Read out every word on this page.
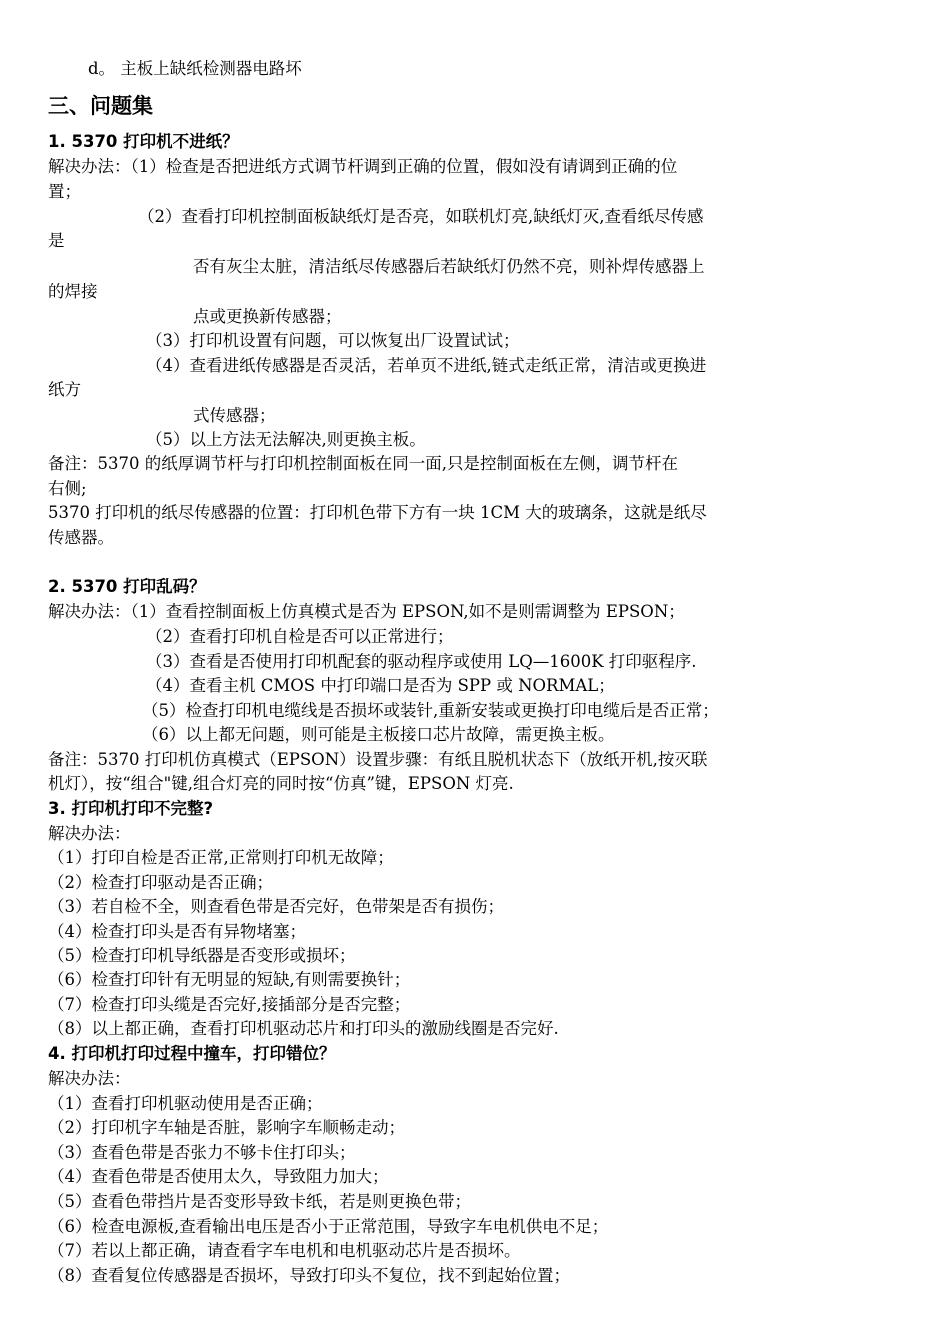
d。 主板上缺纸检测器电路坏
三、问题集
1. 5370 打印机不进纸？
解决办法：（1）检查是否把进纸方式调节杆调到正确的位置，假如没有请调到正确的位
置；
（2）查看打印机控制面板缺纸灯是否亮，如联机灯亮,缺纸灯灭,查看纸尽传感
是
否有灰尘太脏，清洁纸尽传感器后若缺纸灯仍然不亮，则补焊传感器上
的焊接
点或更换新传感器；
（3）打印机设置有问题，可以恢复出厂设置试试；
（4）查看进纸传感器是否灵活，若单页不进纸,链式走纸正常，清洁或更换进
纸方
式传感器；
（5）以上方法无法解决,则更换主板。
备注：5370 的纸厚调节杆与打印机控制面板在同一面,只是控制面板在左侧，调节杆在
右侧;
5370 打印机的纸尽传感器的位置：打印机色带下方有一块 1CM 大的玻璃条，这就是纸尽
传感器。
2. 5370 打印乱码？
解决办法：（1）查看控制面板上仿真模式是否为 EPSON,如不是则需调整为 EPSON；
（2）查看打印机自检是否可以正常进行；
（3）查看是否使用打印机配套的驱动程序或使用 LQ—1600K 打印驱程序.
（4）查看主机 CMOS 中打印端口是否为 SPP 或 NORMAL；
（5）检查打印机电缆线是否损坏或装针,重新安装或更换打印电缆后是否正常；
（6）以上都无问题，则可能是主板接口芯片故障，需更换主板。
备注：5370 打印机仿真模式（EPSON）设置步骤：有纸且脱机状态下（放纸开机,按灭联
机灯），按“组合"键,组合灯亮的同时按“仿真”键，EPSON 灯亮.
3. 打印机打印不完整?
解决办法：
（1）打印自检是否正常,正常则打印机无故障；
（2）检查打印驱动是否正确；
（3）若自检不全，则查看色带是否完好，色带架是否有损伤；
（4）检查打印头是否有异物堵塞；
（5）检查打印机导纸器是否变形或损坏；
（6）检查打印针有无明显的短缺,有则需要换针；
（7）检查打印头缆是否完好,接插部分是否完整；
（8）以上都正确，查看打印机驱动芯片和打印头的激励线圈是否完好.
4. 打印机打印过程中撞车，打印错位？
解决办法：
（1）查看打印机驱动使用是否正确；
（2）打印机字车轴是否脏，影响字车顺畅走动；
（3）查看色带是否张力不够卡住打印头；
（4）查看色带是否使用太久，导致阻力加大；
（5）查看色带挡片是否变形导致卡纸，若是则更换色带；
（6）检查电源板,查看输出电压是否小于正常范围，导致字车电机供电不足；
（7）若以上都正确，请查看字车电机和电机驱动芯片是否损坏。
（8）查看复位传感器是否损坏，导致打印头不复位，找不到起始位置；
